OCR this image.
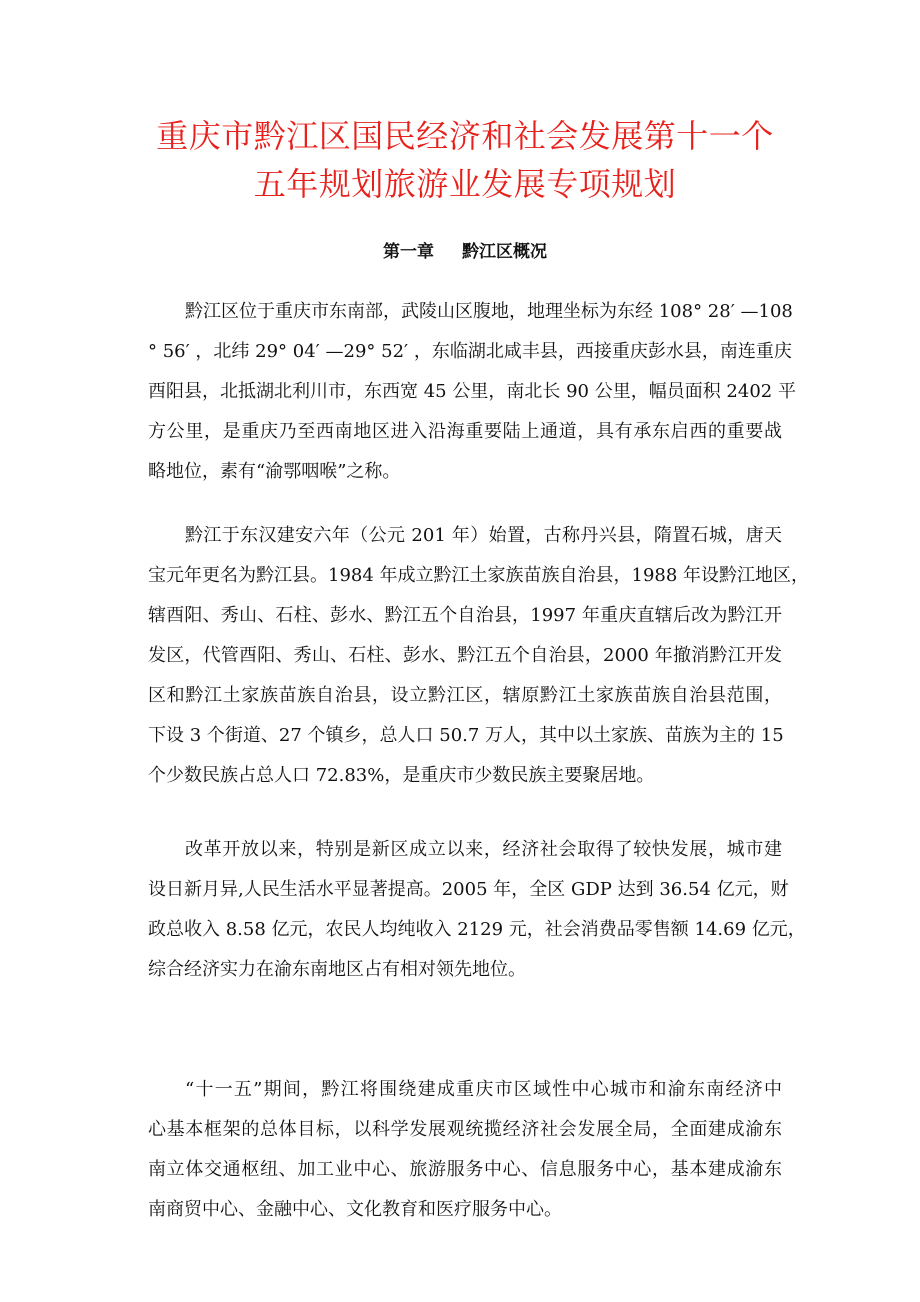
重庆市黔江区国民经济和社会发展第十一个
五年规划旅游业发展专项规划
第一章 黔江区概况
黔江区位于重庆市东南部，武陵山区腹地，地理坐标为东经 108° 28′ —108
° 56′ ，北纬 29° 04′ —29° 52′ ，东临湖北咸丰县，西接重庆彭水县，南连重庆
酉阳县，北抵湖北利川市，东西宽 45 公里，南北长 90 公里，幅员面积 2402 平
方公里，是重庆乃至西南地区进入沿海重要陆上通道，具有承东启西的重要战
略地位，素有“渝鄂咽喉”之称。
黔江于东汉建安六年（公元 201 年）始置，古称丹兴县，隋置石城，唐天
宝元年更名为黔江县。1984 年成立黔江土家族苗族自治县，1988 年设黔江地区，
辖酉阳、秀山、石柱、彭水、黔江五个自治县，1997 年重庆直辖后改为黔江开
发区，代管酉阳、秀山、石柱、彭水、黔江五个自治县，2000 年撤消黔江开发
区和黔江土家族苗族自治县，设立黔江区，辖原黔江土家族苗族自治县范围，
下设 3 个街道、27 个镇乡，总人口 50.7 万人，其中以土家族、苗族为主的 15
个少数民族占总人口 72.83%，是重庆市少数民族主要聚居地。
改革开放以来，特别是新区成立以来，经济社会取得了较快发展，城市建
设日新月异,人民生活水平显著提高。2005 年，全区 GDP 达到 36.54 亿元，财
政总收入 8.58 亿元，农民人均纯收入 2129 元，社会消费品零售额 14.69 亿元，
综合经济实力在渝东南地区占有相对领先地位。
“十一五”期间，黔江将围绕建成重庆市区域性中心城市和渝东南经济中
心基本框架的总体目标，以科学发展观统揽经济社会发展全局，全面建成渝东
南立体交通枢纽、加工业中心、旅游服务中心、信息服务中心，基本建成渝东
南商贸中心、金融中心、文化教育和医疗服务中心。
